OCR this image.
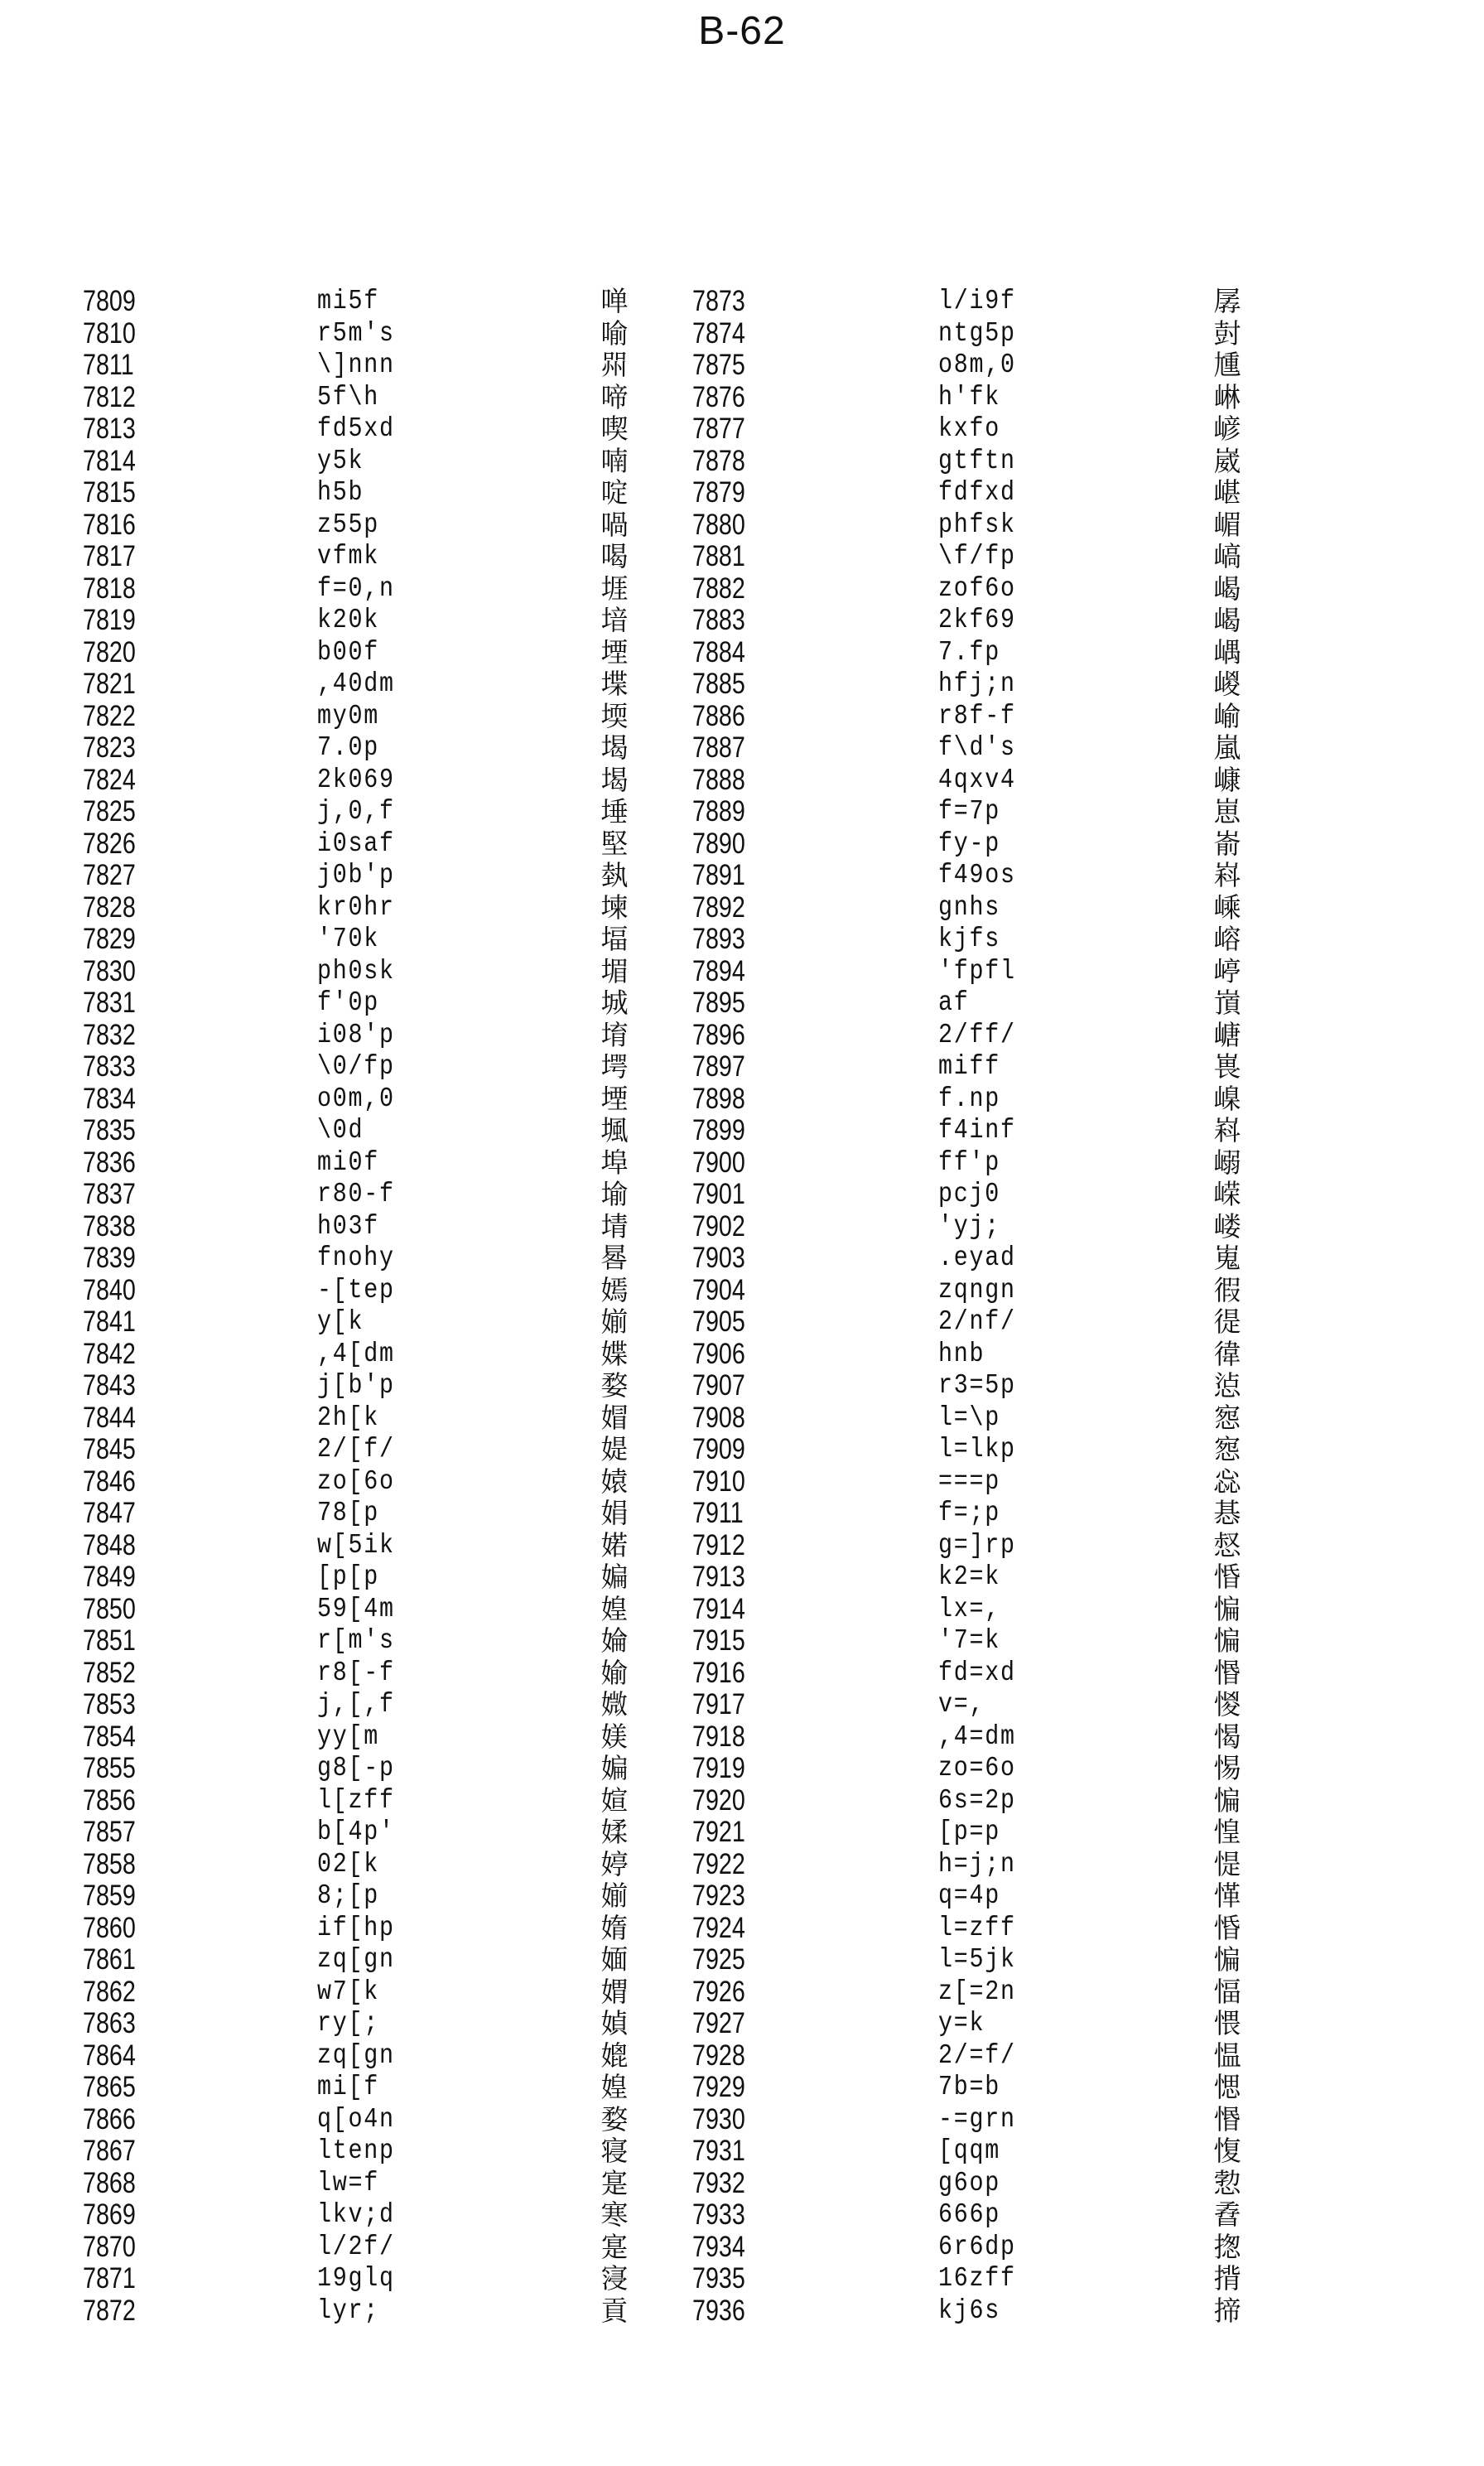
B-62
7809	mi5f	啴 7873	l/i9f	孱
7810	r5m's	喻 7874	ntg5p	尌
7811	\]nnn	喌 7875	o8m,0	尰
7812	5f\h	啼 7876	h'fk	崊
7813	fd5xd	喫 7877	kxfo	嵃
7814	y5k	喃 7878	gtftn	崴
7815	h5b	啶 7879	fdfxd	嵁
7816	z55p	喎 7880	phfsk	嵋
7817	vfmk	喝 7881	\f/fp	嵪
7818	f=0,n	堐 7882	zof6o	嵑
7819	k20k	堷 7883	2kf69	嵑
7820	b00f	堙 7884	7.fp	嵎
7821	,40dm	堞 7885	hfj;n	嵕
7822	my0m	堧 7886	r8f-f	崳
7823	7.0p	堨 7887	f\d's	嵐
7824	2k069	堨 7888	4qxv4	嵻
7825	j,0,f	埵 7889	f=7p	崽
7826	i0saf	堅 7890	fy-p	嵛
7827	j0b'p	埶 7891	f49os	嵙
7828	kr0hr	堜 7892	gnhs	嵊
7829	'70k	堛 7893	kjfs	嵱
7830	ph0sk	堳 7894	'fpfl	嵉
7831	f'0p	城 7895	af	嵿
7832	i08'p	堉 7896	2/ff/	嵣
7833	\0/fp	堮 7897	miff	嵔
7834	o0m,0	堙 7898	f.np	嵲
7835	\0d	堸 7899	f4inf	嵙
7836	mi0f	埠 7900	ff'p	嵶
7837	r80-f	堬 7901	pcj0	嵘
7838	h03f	埥 7902	'yj;	嵝
7839	fnohy	晷 7903	.eyad	嵬
7840	-[tep	嫣 7904	zqngn	徦
7841	y[k	媊 7905	2/nf/	徥
7842	,4[dm	媟 7906	hnb	徫
7843	j[b'p	婺 7907	r3=5p	惉
7844	2h[k	媢 7908	l=\p	惌
7845	2/[f/	媞 7909	l=lkp	惌
7846	zo[6o	媴 7910	===p	惢
7847	78[p	娟 7911	f=;p	惎
7848	w[5ik	婼 7912	g=]rp	惄
7849	[p[p	媥 7913	k2=k	惛
7850	59[4m	媓 7914	lx=,	惼
7851	r[m's	婨 7915	'7=k	惼
7852	r8[-f	媮 7916	fd=xd	惽
7853	j,[,f	媺 7917	v=,	惾
7854	yy[m	媄 7918	,4=dm	愒
7855	g8[-p	媥 7919	zo=6o	惕
7856	l[zff	媗 7920	6s=2p	惼
7857	b[4p'	媃 7921	[p=p	惶
7858	02[k	婷 7922	h=j;n	惿
7859	8;[p	媊 7923	q=4p	愅
7860	if[hp	媠 7924	l=zff	惛
7861	zq[gn	媔 7925	l=5jk	惼
7862	w7[k	媦 7926	z[=2n	愊
7863	ry[;	媜 7927	y=k	愄
7864	zq[gn	媲 7928	2/=f/	愠
7865	mi[f	媓 7929	7b=b	愢
7866	q[o4n	婺 7930	-=grn	惽
7867	ltenp	寝 7931	[qqm	愎
7868	lw=f	寔 7932	g6op	愂
7869	lkv;d	寒 7933	666p	孴
7870	l/2f/	寔 7934	6r6dp	揔
7871	19glq	寖 7935	16zff	揹
7872	lyr;	貢 7936	kj6s	揥
